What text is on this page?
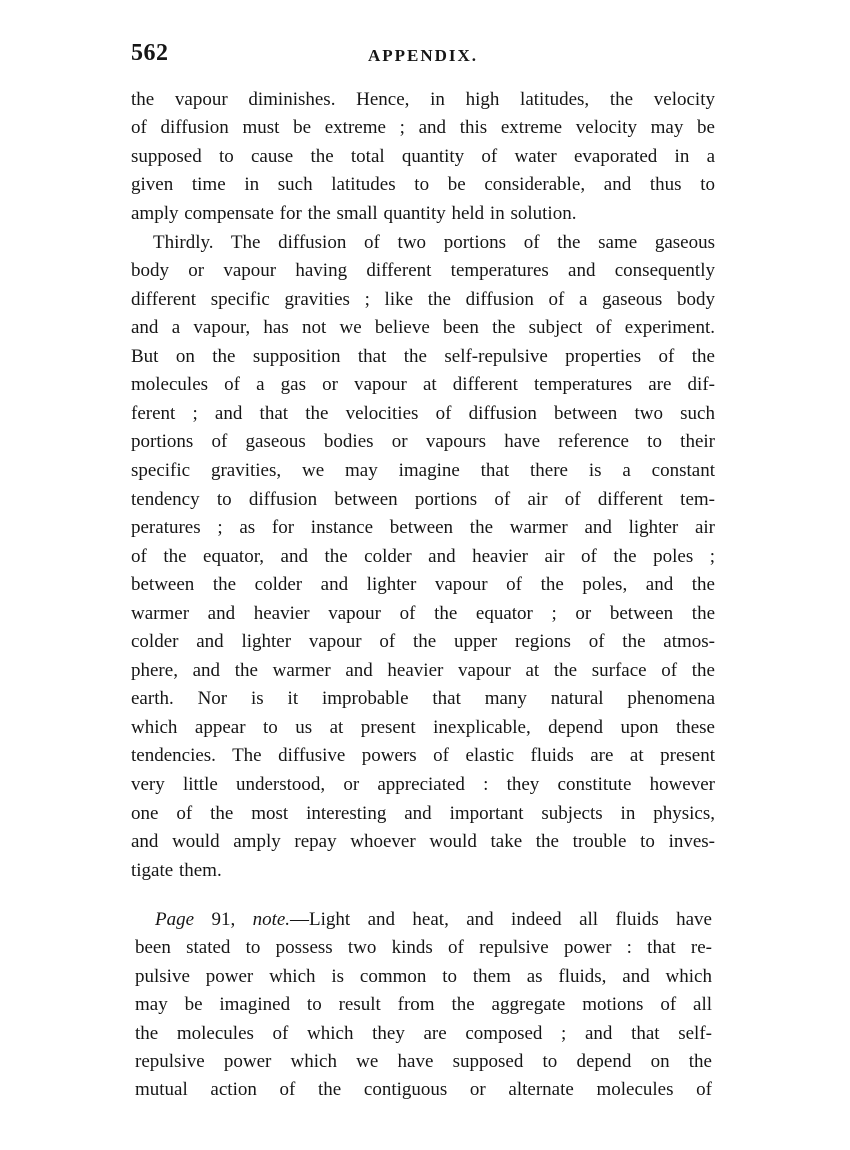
562	APPENDIX.
the vapour diminishes. Hence, in high latitudes, the velocity
of diffusion must be extreme ; and this extreme velocity may be
supposed to cause the total quantity of water evaporated in a
given time in such latitudes to be considerable, and thus to
amply compensate for the small quantity held in solution.
Thirdly. The diffusion of two portions of the same gaseous
body or vapour having different temperatures and consequently
different specific gravities ; like the diffusion of a gaseous body
and a vapour, has not we believe been the subject of experiment.
But on the supposition that the self-repulsive properties of the
molecules of a gas or vapour at different temperatures are dif-
ferent ; and that the velocities of diffusion between two such
portions of gaseous bodies or vapours have reference to their
specific gravities, we may imagine that there is a constant
tendency to diffusion between portions of air of different tem-
peratures ; as for instance between the warmer and lighter air
of the equator, and the colder and heavier air of the poles ;
between the colder and lighter vapour of the poles, and the
warmer and heavier vapour of the equator ; or between the
colder and lighter vapour of the upper regions of the atmos-
phere, and the warmer and heavier vapour at the surface of the
earth. Nor is it improbable that many natural phenomena
which appear to us at present inexplicable, depend upon these
tendencies. The diffusive powers of elastic fluids are at present
very little understood, or appreciated : they constitute however
one of the most interesting and important subjects in physics,
and would amply repay whoever would take the trouble to inves-
tigate them.
Page 91, note.—Light and heat, and indeed all fluids have
been stated to possess two kinds of repulsive power : that re-
pulsive power which is common to them as fluids, and which
may be imagined to result from the aggregate motions of all
the molecules of which they are composed ; and that self-
repulsive power which we have supposed to depend on the
mutual action of the contiguous or alternate molecules of
